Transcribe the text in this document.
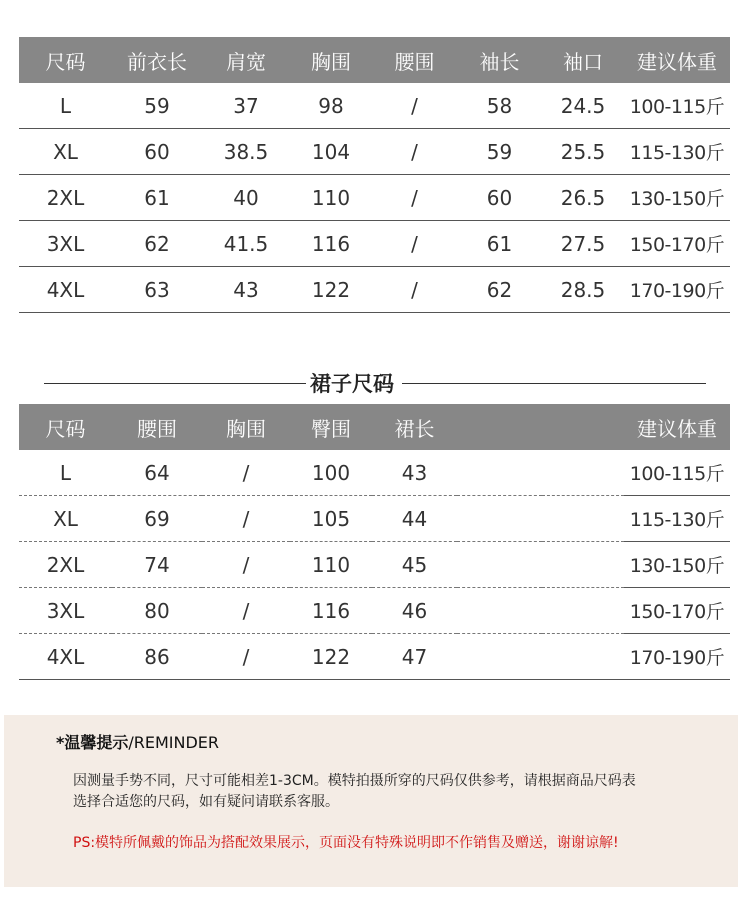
尺码	前衣长	肩宽	胸围	腰围	袖长	袖口	建议体重
L	59	37	98	/	58	24.5	100-115斤
XL	60	38.5	104	/	59	25.5	115-130斤
2XL	61	40	110	/	60	26.5	130-150斤
3XL	62	41.5	116	/	61	27.5	150-170斤
4XL	63	43	122	/	62	28.5	170-190斤
裙子尺码
尺码	腰围	胸围	臀围	裙长			建议体重
L	64	/	100	43			100-115斤
XL	69	/	105	44			115-130斤
2XL	74	/	110	45			130-150斤
3XL	80	/	116	46			150-170斤
4XL	86	/	122	47			170-190斤
*温馨提示/REMINDER
因测量手势不同，尺寸可能相差1-3CM。模特拍摄所穿的尺码仅供参考，请根据商品尺码表
选择合适您的尺码，如有疑问请联系客服。
PS:模特所佩戴的饰品为搭配效果展示，页面没有特殊说明即不作销售及赠送，谢谢谅解!
